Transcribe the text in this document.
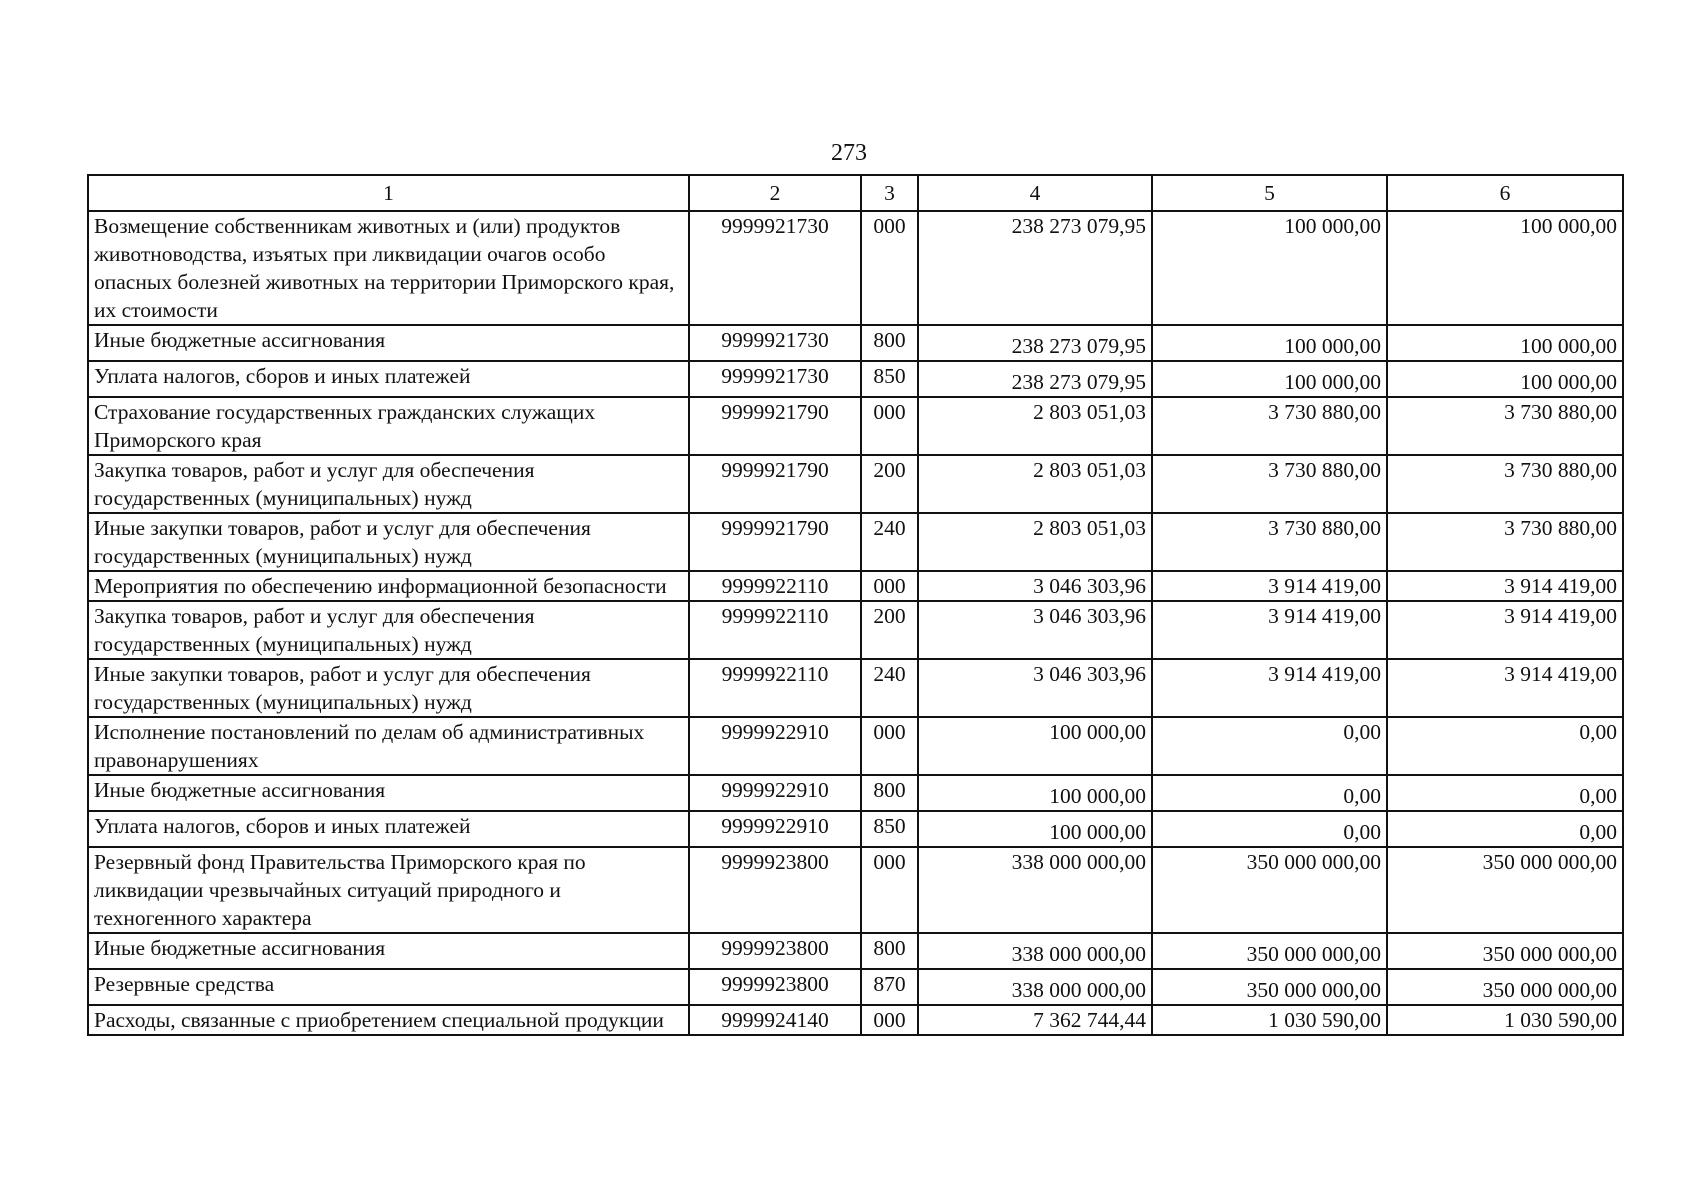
273
1	2	3	4	5	6
Возмещение собственникам животных и (или) продуктов животноводства, изъятых при ликвидации очагов особо опасных болезней животных на территории Приморского края, их стоимости	9999921730	000	238 273 079,95	100 000,00	100 000,00
Иные бюджетные ассигнования	9999921730	800	238 273 079,95	100 000,00	100 000,00
Уплата налогов, сборов и иных платежей	9999921730	850	238 273 079,95	100 000,00	100 000,00
Страхование государственных гражданских служащих Приморского края	9999921790	000	2 803 051,03	3 730 880,00	3 730 880,00
Закупка товаров, работ и услуг для обеспечения государственных (муниципальных) нужд	9999921790	200	2 803 051,03	3 730 880,00	3 730 880,00
Иные закупки товаров, работ и услуг для обеспечения государственных (муниципальных) нужд	9999921790	240	2 803 051,03	3 730 880,00	3 730 880,00
Мероприятия по обеспечению информационной безопасности	9999922110	000	3 046 303,96	3 914 419,00	3 914 419,00
Закупка товаров, работ и услуг для обеспечения государственных (муниципальных) нужд	9999922110	200	3 046 303,96	3 914 419,00	3 914 419,00
Иные закупки товаров, работ и услуг для обеспечения государственных (муниципальных) нужд	9999922110	240	3 046 303,96	3 914 419,00	3 914 419,00
Исполнение постановлений по делам об административных правонарушениях	9999922910	000	100 000,00	0,00	0,00
Иные бюджетные ассигнования	9999922910	800	100 000,00	0,00	0,00
Уплата налогов, сборов и иных платежей	9999922910	850	100 000,00	0,00	0,00
Резервный фонд Правительства Приморского края по ликвидации чрезвычайных ситуаций природного и техногенного характера	9999923800	000	338 000 000,00	350 000 000,00	350 000 000,00
Иные бюджетные ассигнования	9999923800	800	338 000 000,00	350 000 000,00	350 000 000,00
Резервные средства	9999923800	870	338 000 000,00	350 000 000,00	350 000 000,00
Расходы, связанные с приобретением специальной продукции	9999924140	000	7 362 744,44	1 030 590,00	1 030 590,00
